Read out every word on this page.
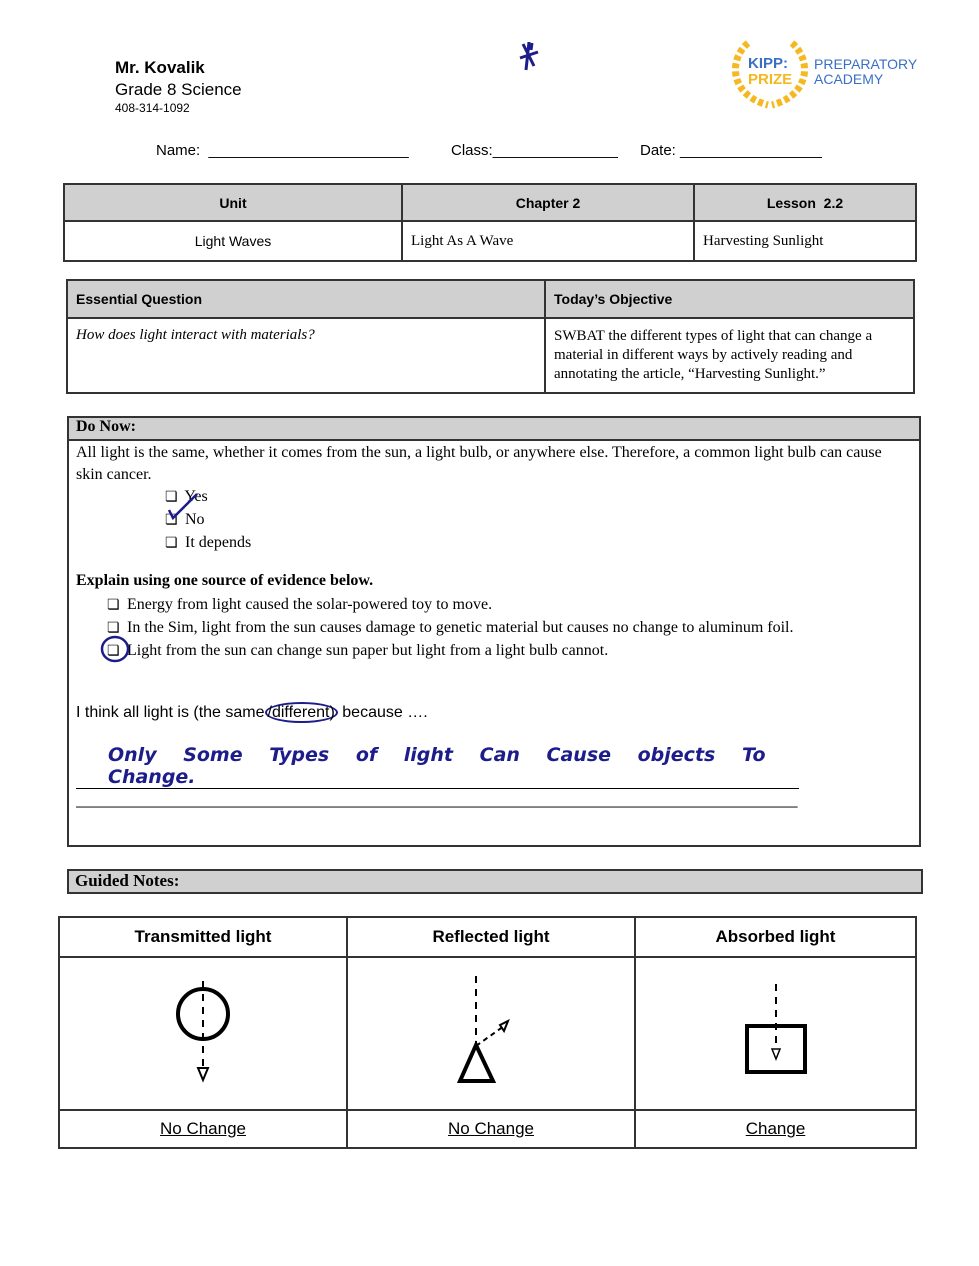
Mr. Kovalik
Grade 8 Science
408-314-1092
KIPP:
PRIZE
PREPARATORY
ACADEMY
Name: ________________________	Class:_______________ Date: _________________
Unit	Chapter 2	Lesson  2.2
Light Waves	Light As A Wave	Harvesting Sunlight
Essential Question	Today’s Objective
How does light interact with materials?	SWBAT the different types of light that can change a material in different ways by actively reading and annotating the article, “Harvesting Sunlight.”
Do Now:
All light is the same, whether it comes from the sun, a light bulb, or anywhere else. Therefore, a common light bulb can cause skin cancer.
❏ Yes
❏ No
❏ It depends
Explain using one source of evidence below.
❏ Energy from light caused the solar-powered toy to move.
❏ In the Sim, light from the sun causes damage to genetic material but causes no change to aluminum foil.
❏ Light from the sun can change sun paper but light from a light bulb cannot.
I think all light is (the same /different) because ….
Only Some Types of light Can Cause objects To Change.
______________________________________________________________________________
Guided Notes:
Transmitted light	Reflected light	Absorbed light

No Change	No Change	Change
